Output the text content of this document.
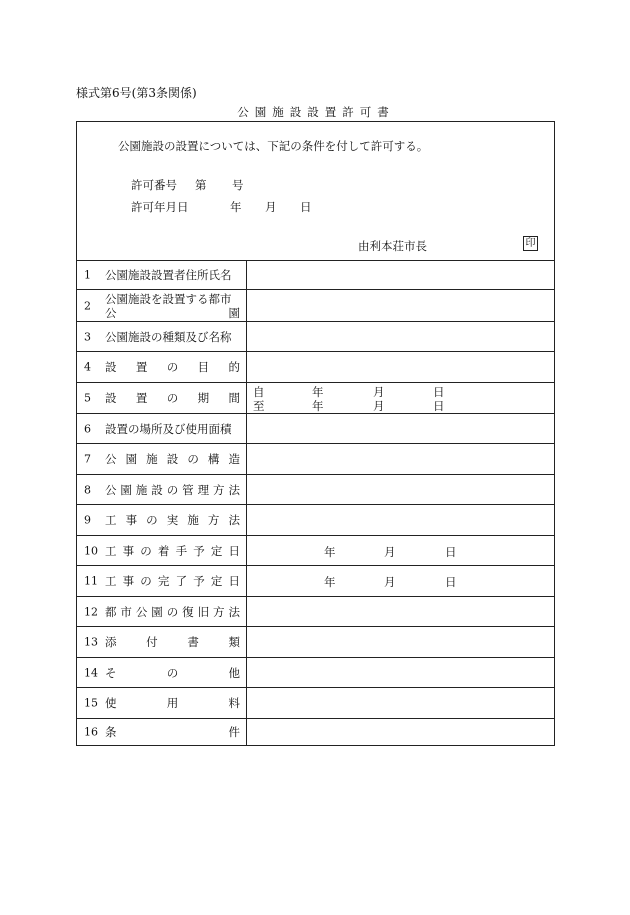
様式第6号(第3条関係)
公園施設設置許可書
公園施設の設置については、下記の条件を付して許可する。
許可番号 第 号
許可年月日	年 月 日
由利本荘市長	印
1 公園施設設置者住所氏名
2 公園施設を設置する都市
公園
3 公園施設の種類及び名称
4 設置の目的
5 設置の期間 自	年	月	日
至	年	月	日
6 設置の場所及び使用面積
7 公園施設の構造
8 公園施設の管理方法
9 工事の実施方法
10 工事の着手予定日	年	月	日
11 工事の完了予定日	年	月	日
12 都市公園の復旧方法
13 添付書類
14 その他
15 使用料
16 条件
